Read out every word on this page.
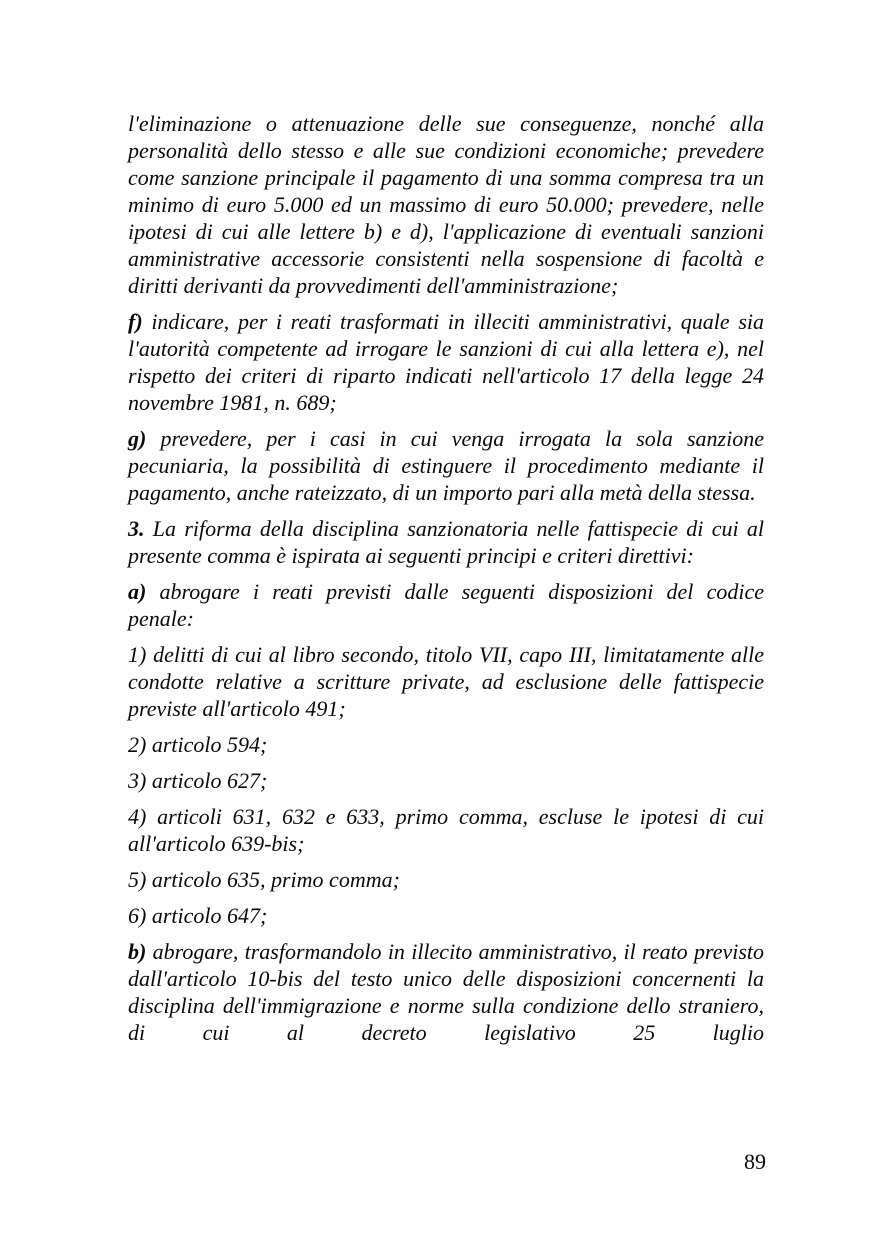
l'eliminazione o attenuazione delle sue conseguenze, nonché alla personalità dello stesso e alle sue condizioni economiche; prevedere come sanzione principale il pagamento di una somma compresa tra un minimo di euro 5.000 ed un massimo di euro 50.000; prevedere, nelle ipotesi di cui alle lettere b) e d), l'applicazione di eventuali sanzioni amministrative accessorie consistenti nella sospensione di facoltà e diritti derivanti da provvedimenti dell'amministrazione;

f) indicare, per i reati trasformati in illeciti amministrativi, quale sia l'autorità competente ad irrogare le sanzioni di cui alla lettera e), nel rispetto dei criteri di riparto indicati nell'articolo 17 della legge 24 novembre 1981, n. 689;

g) prevedere, per i casi in cui venga irrogata la sola sanzione pecuniaria, la possibilità di estinguere il procedimento mediante il pagamento, anche rateizzato, di un importo pari alla metà della stessa.

3. La riforma della disciplina sanzionatoria nelle fattispecie di cui al presente comma è ispirata ai seguenti principi e criteri direttivi:

a) abrogare i reati previsti dalle seguenti disposizioni del codice penale:

1) delitti di cui al libro secondo, titolo VII, capo III, limitatamente alle condotte relative a scritture private, ad esclusione delle fattispecie previste all'articolo 491;

2) articolo 594;

3) articolo 627;

4) articoli 631, 632 e 633, primo comma, escluse le ipotesi di cui all'articolo 639-bis;

5) articolo 635, primo comma;

6) articolo 647;

b) abrogare, trasformandolo in illecito amministrativo, il reato previsto dall'articolo 10-bis del testo unico delle disposizioni concernenti la disciplina dell'immigrazione e norme sulla condizione dello straniero, di cui al decreto legislativo 25 luglio

89
